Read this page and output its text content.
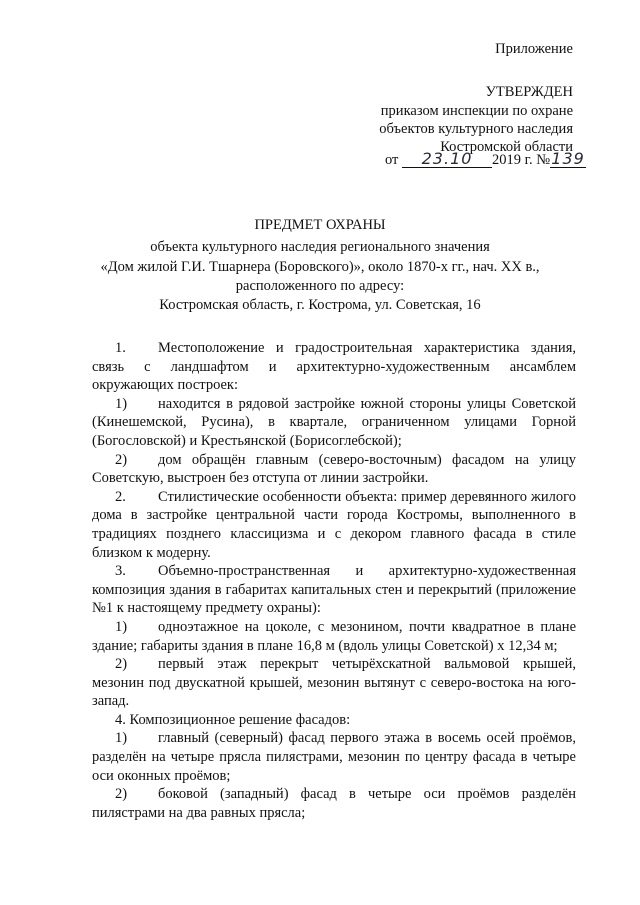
Приложение
УТВЕРЖДЕН
приказом инспекции по охране
объектов культурного наследия
Костромской области
от 23.10 2019 г. №139
ПРЕДМЕТ ОХРАНЫ
объекта культурного наследия регионального значения
«Дом жилой Г.И. Тшарнера (Боровского)», около 1870-х гг., нач. XX в.,
расположенного по адресу:
Костромская область, г. Кострома, ул. Советская, 16

1. Местоположение и градостроительная характеристика здания, связь с ландшафтом и архитектурно-художественным ансамблем окружающих построек:

1) находится в рядовой застройке южной стороны улицы Советской (Кинешемской, Русина), в квартале, ограниченном улицами Горной (Богословской) и Крестьянской (Борисоглебской);

2) дом обращён главным (северо-восточным) фасадом на улицу Советскую, выстроен без отступа от линии застройки.

2. Стилистические особенности объекта: пример деревянного жилого дома в застройке центральной части города Костромы, выполненного в традициях позднего классицизма и с декором главного фасада в стиле близком к модерну.

3. Объемно-пространственная и архитектурно-художественная композиция здания в габаритах капитальных стен и перекрытий (приложение №1 к настоящему предмету охраны):

1) одноэтажное на цоколе, с мезонином, почти квадратное в плане здание; габариты здания в плане 16,8 м (вдоль улицы Советской) х 12,34 м;

2) первый этаж перекрыт четырёхскатной вальмовой крышей, мезонин под двускатной крышей, мезонин вытянут с северо-востока на юго-запад.

4. Композиционное решение фасадов:

1) главный (северный) фасад первого этажа в восемь осей проёмов, разделён на четыре прясла пилястрами, мезонин по центру фасада в четыре оси оконных проёмов;

2) боковой (западный) фасад в четыре оси проёмов разделён пилястрами на два равных прясла;
